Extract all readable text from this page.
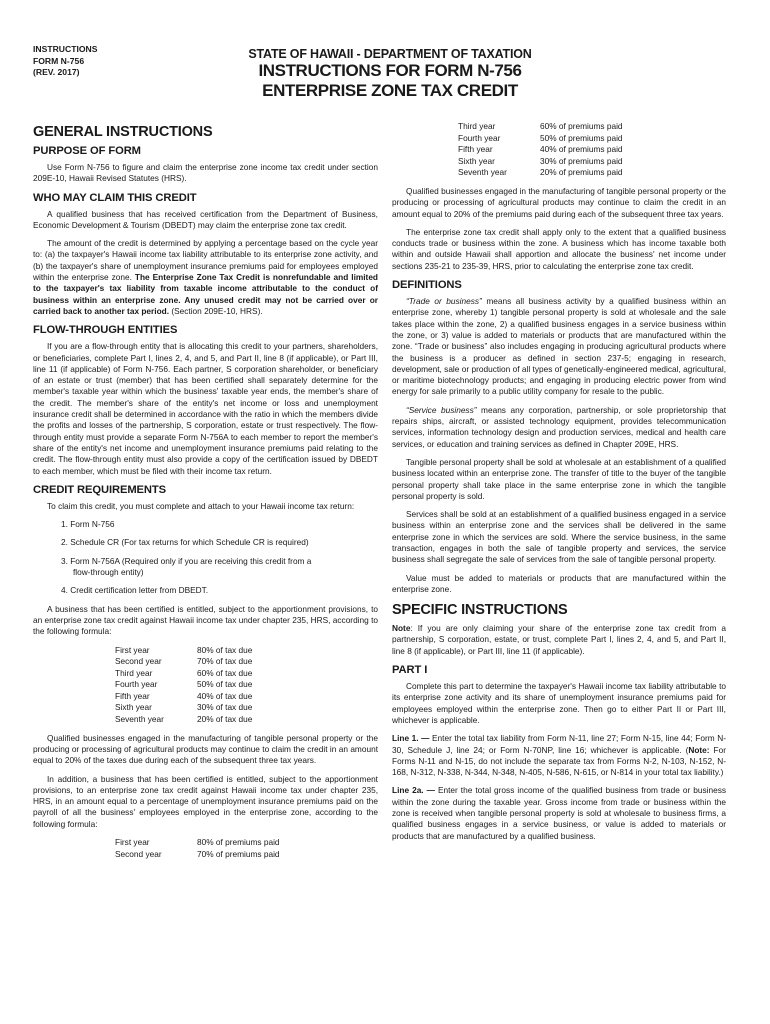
INSTRUCTIONS
FORM N-756
(REV. 2017)
STATE OF HAWAII - DEPARTMENT OF TAXATION
INSTRUCTIONS FOR FORM N-756
ENTERPRISE ZONE TAX CREDIT
GENERAL INSTRUCTIONS
PURPOSE OF FORM

Use Form N-756 to figure and claim the enterprise zone income tax credit under section 209E-10, Hawaii Revised Statutes (HRS).

WHO MAY CLAIM THIS CREDIT

A qualified business that has received certification from the Department of Business, Economic Development & Tourism (DBEDT) may claim the enterprise zone tax credit.

The amount of the credit is determined by applying a percentage based on the cycle year to: (a) the taxpayer's Hawaii income tax liability attributable to its enterprise zone activity, and (b) the taxpayer's share of unemployment insurance premiums paid for employees employed within the enterprise zone. The Enterprise Zone Tax Credit is nonrefundable and limited to the taxpayer's tax liability from taxable income attributable to the conduct of business within an enterprise zone. Any unused credit may not be carried over or carried back to another tax period. (Section 209E-10, HRS).

FLOW-THROUGH ENTITIES

If you are a flow-through entity that is allocating this credit to your partners, shareholders, or beneficiaries, complete Part I, lines 2, 4, and 5, and Part II, line 8 (if applicable), or Part III, line 11 (if applicable) of Form N-756. Each partner, S corporation shareholder, or beneficiary of an estate or trust (member) that has been certified shall separately determine for the member's taxable year within which the business' taxable year ends, the member's share of the credit. The member's share of the entity's net income or loss and unemployment insurance credit shall be determined in accordance with the ratio in which the members divide the profits and losses of the partnership, S corporation, estate or trust respectively. The flow-through entity must provide a separate Form N-756A to each member to report the member's share of the entity's net income and unemployment insurance premiums paid relating to the credit. The flow-through entity must also provide a copy of the certification issued by DBEDT to each member, which must be filed with their income tax return.

CREDIT REQUIREMENTS

To claim this credit, you must complete and attach to your Hawaii income tax return:

1. Form N-756
2. Schedule CR (For tax returns for which Schedule CR is required)
3. Form N-756A (Required only if you are receiving this credit from a
flow-through entity)
4. Credit certification letter from DBEDT.

A business that has been certified is entitled, subject to the apportionment provisions, to an enterprise zone tax credit against Hawaii income tax under chapter 235, HRS, according to the following formula:

First year	80% of tax due
Second year	70% of tax due
Third year	60% of tax due
Fourth year	50% of tax due
Fifth year	40% of tax due
Sixth year	30% of tax due
Seventh year	20% of tax due

Qualified businesses engaged in the manufacturing of tangible personal property or the producing or processing of agricultural products may continue to claim the credit in an amount equal to 20% of the taxes due during each of the subsequent three tax years.

In addition, a business that has been certified is entitled, subject to the apportionment provisions, to an enterprise zone tax credit against Hawaii income tax under chapter 235, HRS, in an amount equal to a percentage of unemployment insurance premiums paid on the payroll of all the business' employees employed in the enterprise zone, according to the following formula:

First year	80% of premiums paid
Second year	70% of premiums paid
Third year	60% of premiums paid
Fourth year	50% of premiums paid
Fifth year	40% of premiums paid
Sixth year	30% of premiums paid
Seventh year	20% of premiums paid

Qualified businesses engaged in the manufacturing of tangible personal property or the producing or processing of agricultural products may continue to claim the credit in an amount equal to 20% of the premiums paid during each of the subsequent three tax years.

The enterprise zone tax credit shall apply only to the extent that a qualified business conducts trade or business within the zone. A business which has income taxable both within and outside Hawaii shall apportion and allocate the business' net income under sections 235-21 to 235-39, HRS, prior to calculating the enterprise zone tax credit.

DEFINITIONS

“Trade or business” means all business activity by a qualified business within an enterprise zone, whereby 1) tangible personal property is sold at wholesale and the sale takes place within the zone, 2) a qualified business engages in a service business within the zone, or 3) value is added to materials or products that are manufactured within the zone. “Trade or business” also includes engaging in producing agricultural products where the business is a producer as defined in section 237-5; engaging in research, development, sale or production of all types of genetically-engineered medical, agricultural, or maritime biotechnology products; and engaging in producing electric power from wind energy for sale primarily to a public utility company for resale to the public.

“Service business” means any corporation, partnership, or sole proprietorship that repairs ships, aircraft, or assisted technology equipment, provides telecommunication services, information technology design and production services, medical and health care services, or education and training services as defined in Chapter 209E, HRS.

Tangible personal property shall be sold at wholesale at an establishment of a qualified business located within an enterprise zone. The transfer of title to the buyer of the tangible personal property shall take place in the same enterprise zone in which the tangible personal property is sold.

Services shall be sold at an establishment of a qualified business engaged in a service business within an enterprise zone and the services shall be delivered in the same enterprise zone in which the services are sold. Where the service business, in the same transaction, engages in both the sale of tangible property and services, the service business shall segregate the sale of services from the sale of tangible personal property.

Value must be added to materials or products that are manufactured within the enterprise zone.

SPECIFIC INSTRUCTIONS

Note: If you are only claiming your share of the enterprise zone tax credit from a partnership, S corporation, estate, or trust, complete Part I, lines 2, 4, and 5, and Part II, line 8 (if applicable), or Part III, line 11 (if applicable).

PART I

Complete this part to determine the taxpayer's Hawaii income tax liability attributable to its enterprise zone activity and its share of unemployment insurance premiums paid for employees employed within the enterprise zone. Then go to either Part II or Part III, whichever is applicable.

Line 1. — Enter the total tax liability from Form N-11, line 27; Form N-15, line 44; Form N-30, Schedule J, line 24; or Form N-70NP, line 16; whichever is applicable. (Note: For Forms N-11 and N-15, do not include the separate tax from Forms N-2, N-103, N-152, N-168, N-312, N-338, N-344, N-348, N-405, N-586, N-615, or N-814 in your total tax liability.)

Line 2a. — Enter the total gross income of the qualified business from trade or business within the zone during the taxable year. Gross income from trade or business within the zone is received when tangible personal property is sold at wholesale to business firms, a qualified business engages in a service business, or value is added to materials or products that are manufactured by a qualified business.
